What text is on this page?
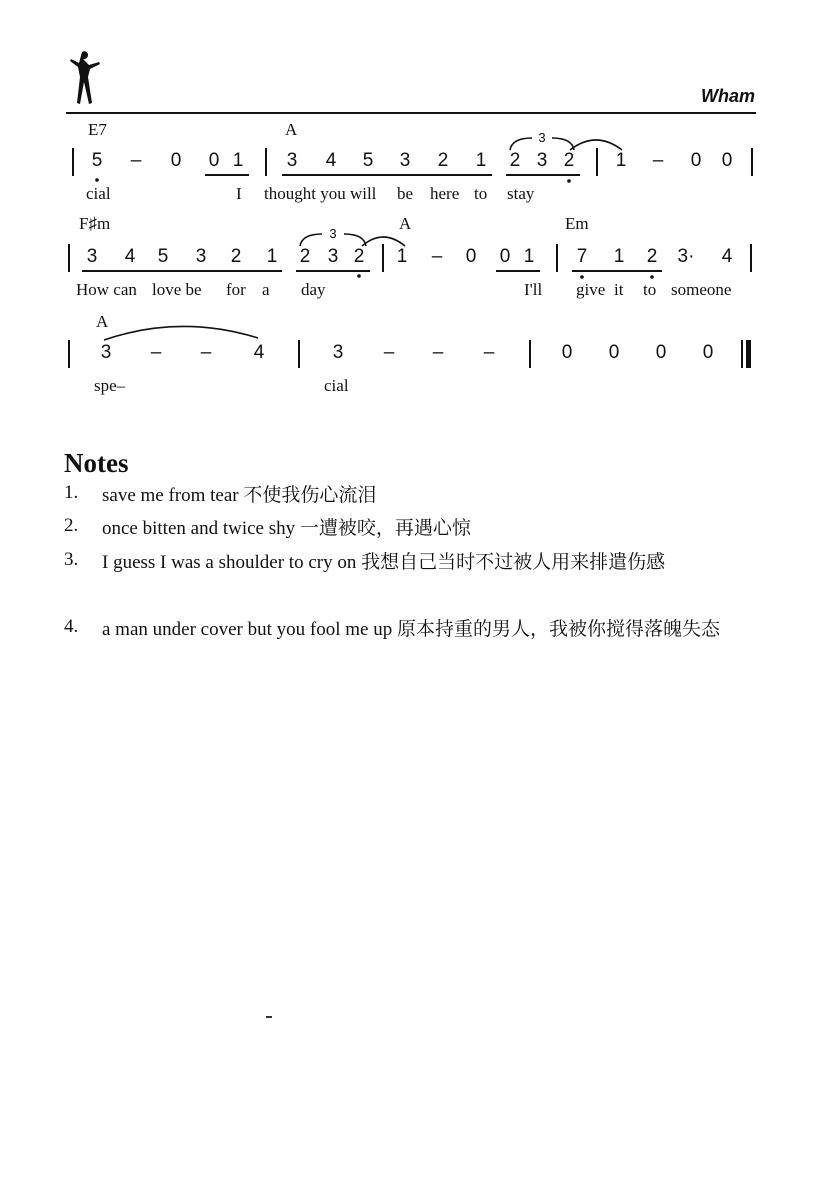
Wham
E7	A
5 – 0 0 1 3 4 5 3 2 1 2 3 2 1 – 0 0
3
cial	I thought you will be here to stay
F♯m	A	Em
3 4 5 3 2 1 2 3 2 1 – 0 0 1 7 1 2 3· 4
3
How can love be for a day	I'll give it to someone
A
3 – – 4	3 – – –	0 0 0 0
spe–	cial
Notes
1. save me from tear 不使我伤心流泪
2. once bitten and twice shy 一遭被咬，再遇心惊
3. I guess I was a shoulder to cry on 我想自己当时不过被人用来排遣伤感
4. a man under cover but you fool me up 原本持重的男人，我被你搅得落魄失态
